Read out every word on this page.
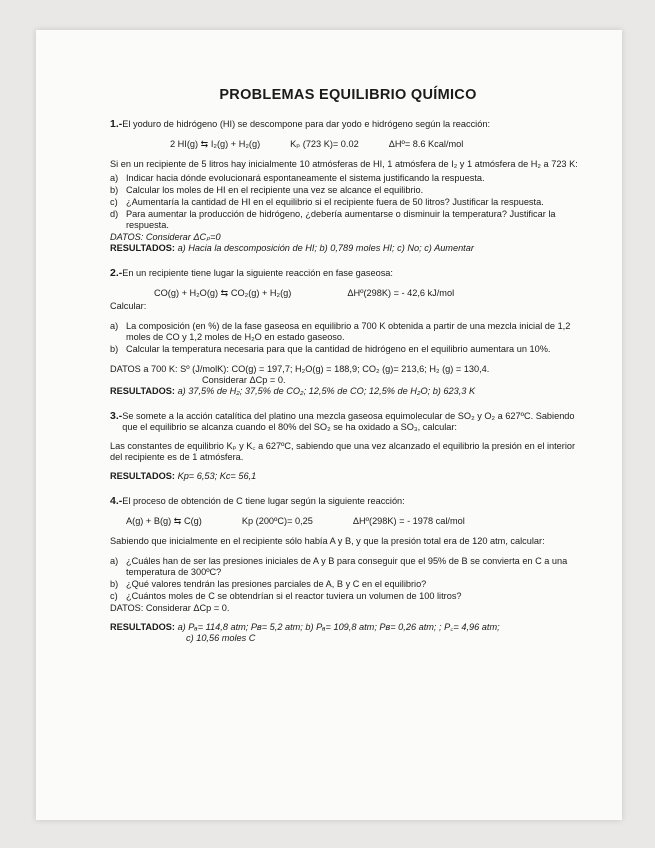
PROBLEMAS EQUILIBRIO QUÍMICO
1.- El yoduro de hidrógeno (HI) se descompone para dar yodo e hidrógeno según la reacción:
2 HI(g) ⇆ I₂(g) + H₂(g)	Kₚ (723 K)= 0.02	ΔHº= 8.6 Kcal/mol
Si en un recipiente de 5 litros hay inicialmente 10 atmósferas de HI, 1 atmósfera de I₂ y 1 atmósfera de H₂ a 723 K:
a) Indicar hacia dónde evolucionará espontaneamente el sistema justificando la respuesta.
b) Calcular los moles de HI en el recipiente una vez se alcance el equilibrio.
c) ¿Aumentaría la cantidad de HI en el equilibrio si el recipiente fuera de 50 litros? Justificar la respuesta.
d) Para aumentar la producción de hidrógeno, ¿debería aumentarse o disminuir la temperatura? Justificar la respuesta.
DATOS: Considerar ΔCₚ=0
RESULTADOS: a) Hacia la descomposición de HI; b) 0,789 moles HI; c) No; c) Aumentar
2.- En un recipiente tiene lugar la siguiente reacción en fase gaseosa:
CO(g) + H₂O(g) ⇆ CO₂(g) + H₂(g)	ΔHº(298K) = - 42,6 kJ/mol
Calcular:
a) La composición (en %) de la fase gaseosa en equilibrio a 700 K obtenida a partir de una mezcla inicial de 1,2 moles de CO y 1,2 moles de H₂O en estado gaseoso.
b) Calcular la temperatura necesaria para que la cantidad de hidrógeno en el equilibrio aumentara un 10%.
DATOS a 700 K: Sº (J/molK): CO(g) = 197,7; H₂O(g) = 188,9; CO₂ (g)= 213,6; H₂ (g) = 130,4.
Considerar ΔCp = 0.
RESULTADOS: a) 37,5% de H₂; 37,5% de CO₂; 12,5% de CO; 12,5% de H₂O; b) 623,3 K
3.- Se somete a la acción catalítica del platino una mezcla gaseosa equimolecular de SO₂ y O₂ a 627ºC. Sabiendo que el equilibrio se alcanza cuando el 80% del SO₂ se ha oxidado a SO₃, calcular:
Las constantes de equilibrio Kₚ y K꜀ a 627ºC, sabiendo que una vez alcanzado el equilibrio la presión en el interior del recipiente es de 1 atmósfera.
RESULTADOS: Kp= 6,53; Kc= 56,1
4.- El proceso de obtención de C tiene lugar según la siguiente reacción:
A(g) + B(g) ⇆ C(g)	Kp (200ºC)= 0,25	ΔHº(298K) = - 1978 cal/mol
Sabiendo que inicialmente en el recipiente sólo había A y B, y que la presión total era de 120 atm, calcular:
a) ¿Cuáles han de ser las presiones iniciales de A y B para conseguir que el 95% de B se convierta en C a una temperatura de 300ºC?
b) ¿Qué valores tendrán las presiones parciales de A, B y C en el equilibrio?
c) ¿Cuántos moles de C se obtendrían si el reactor tuviera un volumen de 100 litros?
DATOS: Considerar ΔCp = 0.
RESULTADOS: a) Pₐ= 114,8 atm; Pʙ= 5,2 atm; b) Pₐ= 109,8 atm; Pʙ= 0,26 atm; ; P꜀= 4,96 atm;
c) 10,56 moles C
